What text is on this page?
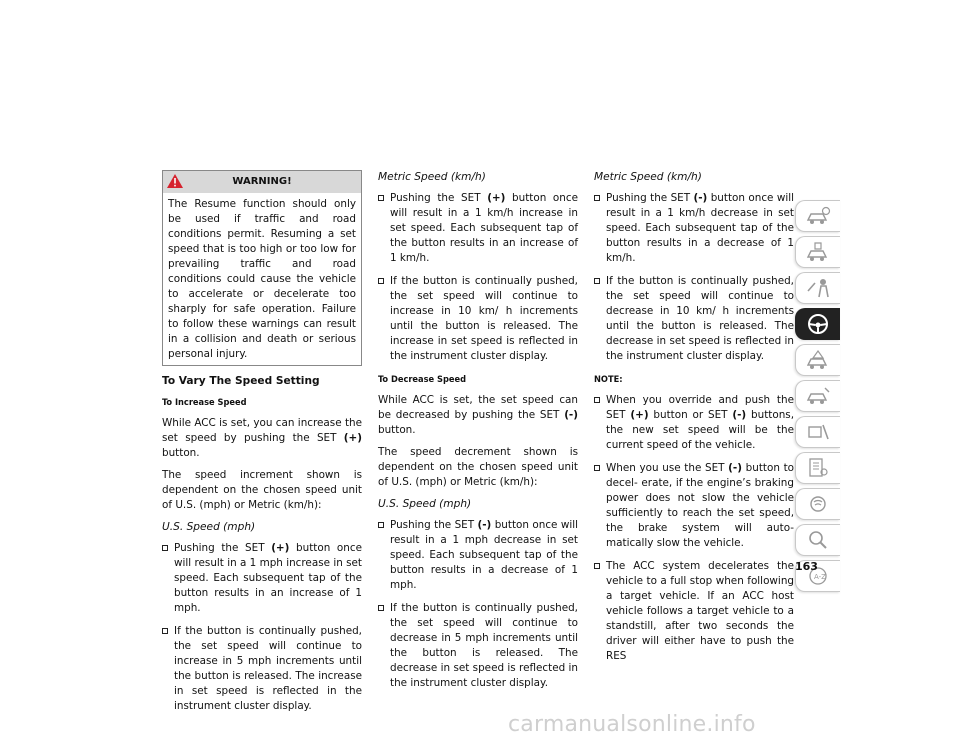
WARNING!
The Resume function should only be used if traffic and road conditions permit. Resuming a set speed that is too high or too low for prevailing traffic and road conditions could cause the vehicle to accelerate or decelerate too sharply for safe operation. Failure to follow these warnings can result in a collision and death or serious personal injury.
To Vary The Speed Setting
To Increase Speed

While ACC is set, you can increase the set speed by pushing the SET (+) button.

The speed increment shown is dependent on the chosen speed unit of U.S. (mph) or Metric (km/h):

U.S. Speed (mph)
Pushing the SET (+) button once will result in a 1 mph increase in set speed. Each subsequent tap of the button results in an increase of 1 mph.
If the button is continually pushed, the set speed will continue to increase in 5 mph increments until the button is released. The increase in set speed is reflected in the instrument cluster display.
Metric Speed (km/h)
Pushing the SET (+) button once will result in a 1 km/h increase in set speed. Each subsequent tap of the button results in an increase of 1 km/h.
If the button is continually pushed, the set speed will continue to increase in 10 km/ h increments until the button is released. The increase in set speed is reflected in the instrument cluster display.
To Decrease Speed

While ACC is set, the set speed can be decreased by pushing the SET (-) button.

The speed decrement shown is dependent on the chosen speed unit of U.S. (mph) or Metric (km/h):

U.S. Speed (mph)
Pushing the SET (-) button once will result in a 1 mph decrease in set speed. Each subsequent tap of the button results in a decrease of 1 mph.
If the button is continually pushed, the set speed will continue to decrease in 5 mph increments until the button is released. The decrease in set speed is reflected in the instrument cluster display.
Metric Speed (km/h)
Pushing the SET (-) button once will result in a 1 km/h decrease in set speed. Each subsequent tap of the button results in a decrease of 1 km/h.
If the button is continually pushed, the set speed will continue to decrease in 10 km/ h increments until the button is released. The decrease in set speed is reflected in the instrument cluster display.
NOTE:
When you override and push the SET (+) button or SET (-) buttons, the new set speed will be the current speed of the vehicle.
When you use the SET (-) button to decel- erate, if the engine’s braking power does not slow the vehicle sufficiently to reach the set speed, the brake system will auto- matically slow the vehicle.
The ACC system decelerates the vehicle to a full stop when following a target vehicle. If an ACC host vehicle follows a target vehicle to a standstill, after two seconds the driver will either have to push the RES
A-Z
163
carmanualsonline.info
